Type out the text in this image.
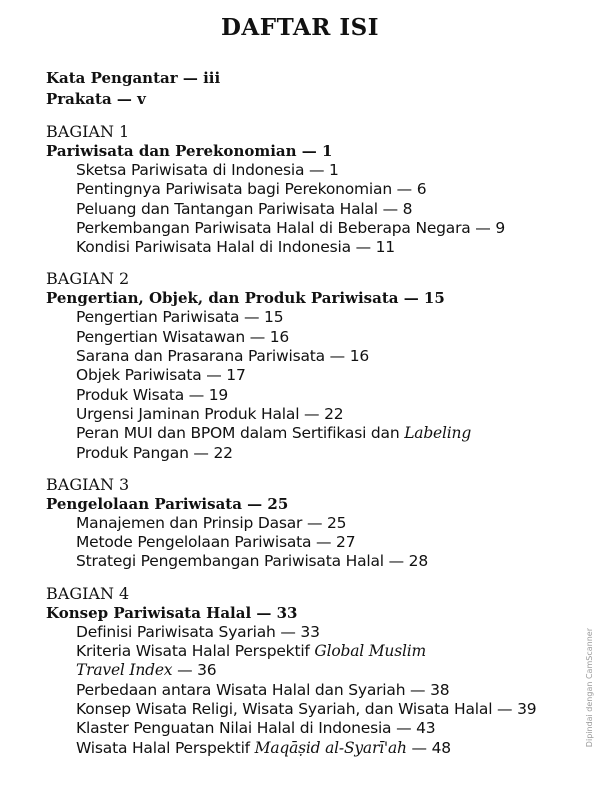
DAFTAR ISI
Kata Pengantar — iii
Prakata — v
BAGIAN 1
Pariwisata dan Perekonomian — 1
Sketsa Pariwisata di Indonesia — 1
Pentingnya Pariwisata bagi Perekonomian — 6
Peluang dan Tantangan Pariwisata Halal — 8
Perkembangan Pariwisata Halal di Beberapa Negara — 9
Kondisi Pariwisata Halal di Indonesia — 11
BAGIAN 2
Pengertian, Objek, dan Produk Pariwisata — 15
Pengertian Pariwisata — 15
Pengertian Wisatawan — 16
Sarana dan Prasarana Pariwisata — 16
Objek Pariwisata — 17
Produk Wisata — 19
Urgensi Jaminan Produk Halal — 22
Peran MUI dan BPOM dalam Sertifikasi dan Labeling
Produk Pangan — 22
BAGIAN 3
Pengelolaan Pariwisata — 25
Manajemen dan Prinsip Dasar — 25
Metode Pengelolaan Pariwisata — 27
Strategi Pengembangan Pariwisata Halal — 28
BAGIAN 4
Konsep Pariwisata Halal — 33
Definisi Pariwisata Syariah — 33
Kriteria Wisata Halal Perspektif Global Muslim
Travel Index — 36
Perbedaan antara Wisata Halal dan Syariah — 38
Konsep Wisata Religi, Wisata Syariah, dan Wisata Halal — 39
Klaster Penguatan Nilai Halal di Indonesia — 43
Wisata Halal Perspektif Maqāṣid al-Syarī'ah — 48
Dipindai dengan CamScanner
